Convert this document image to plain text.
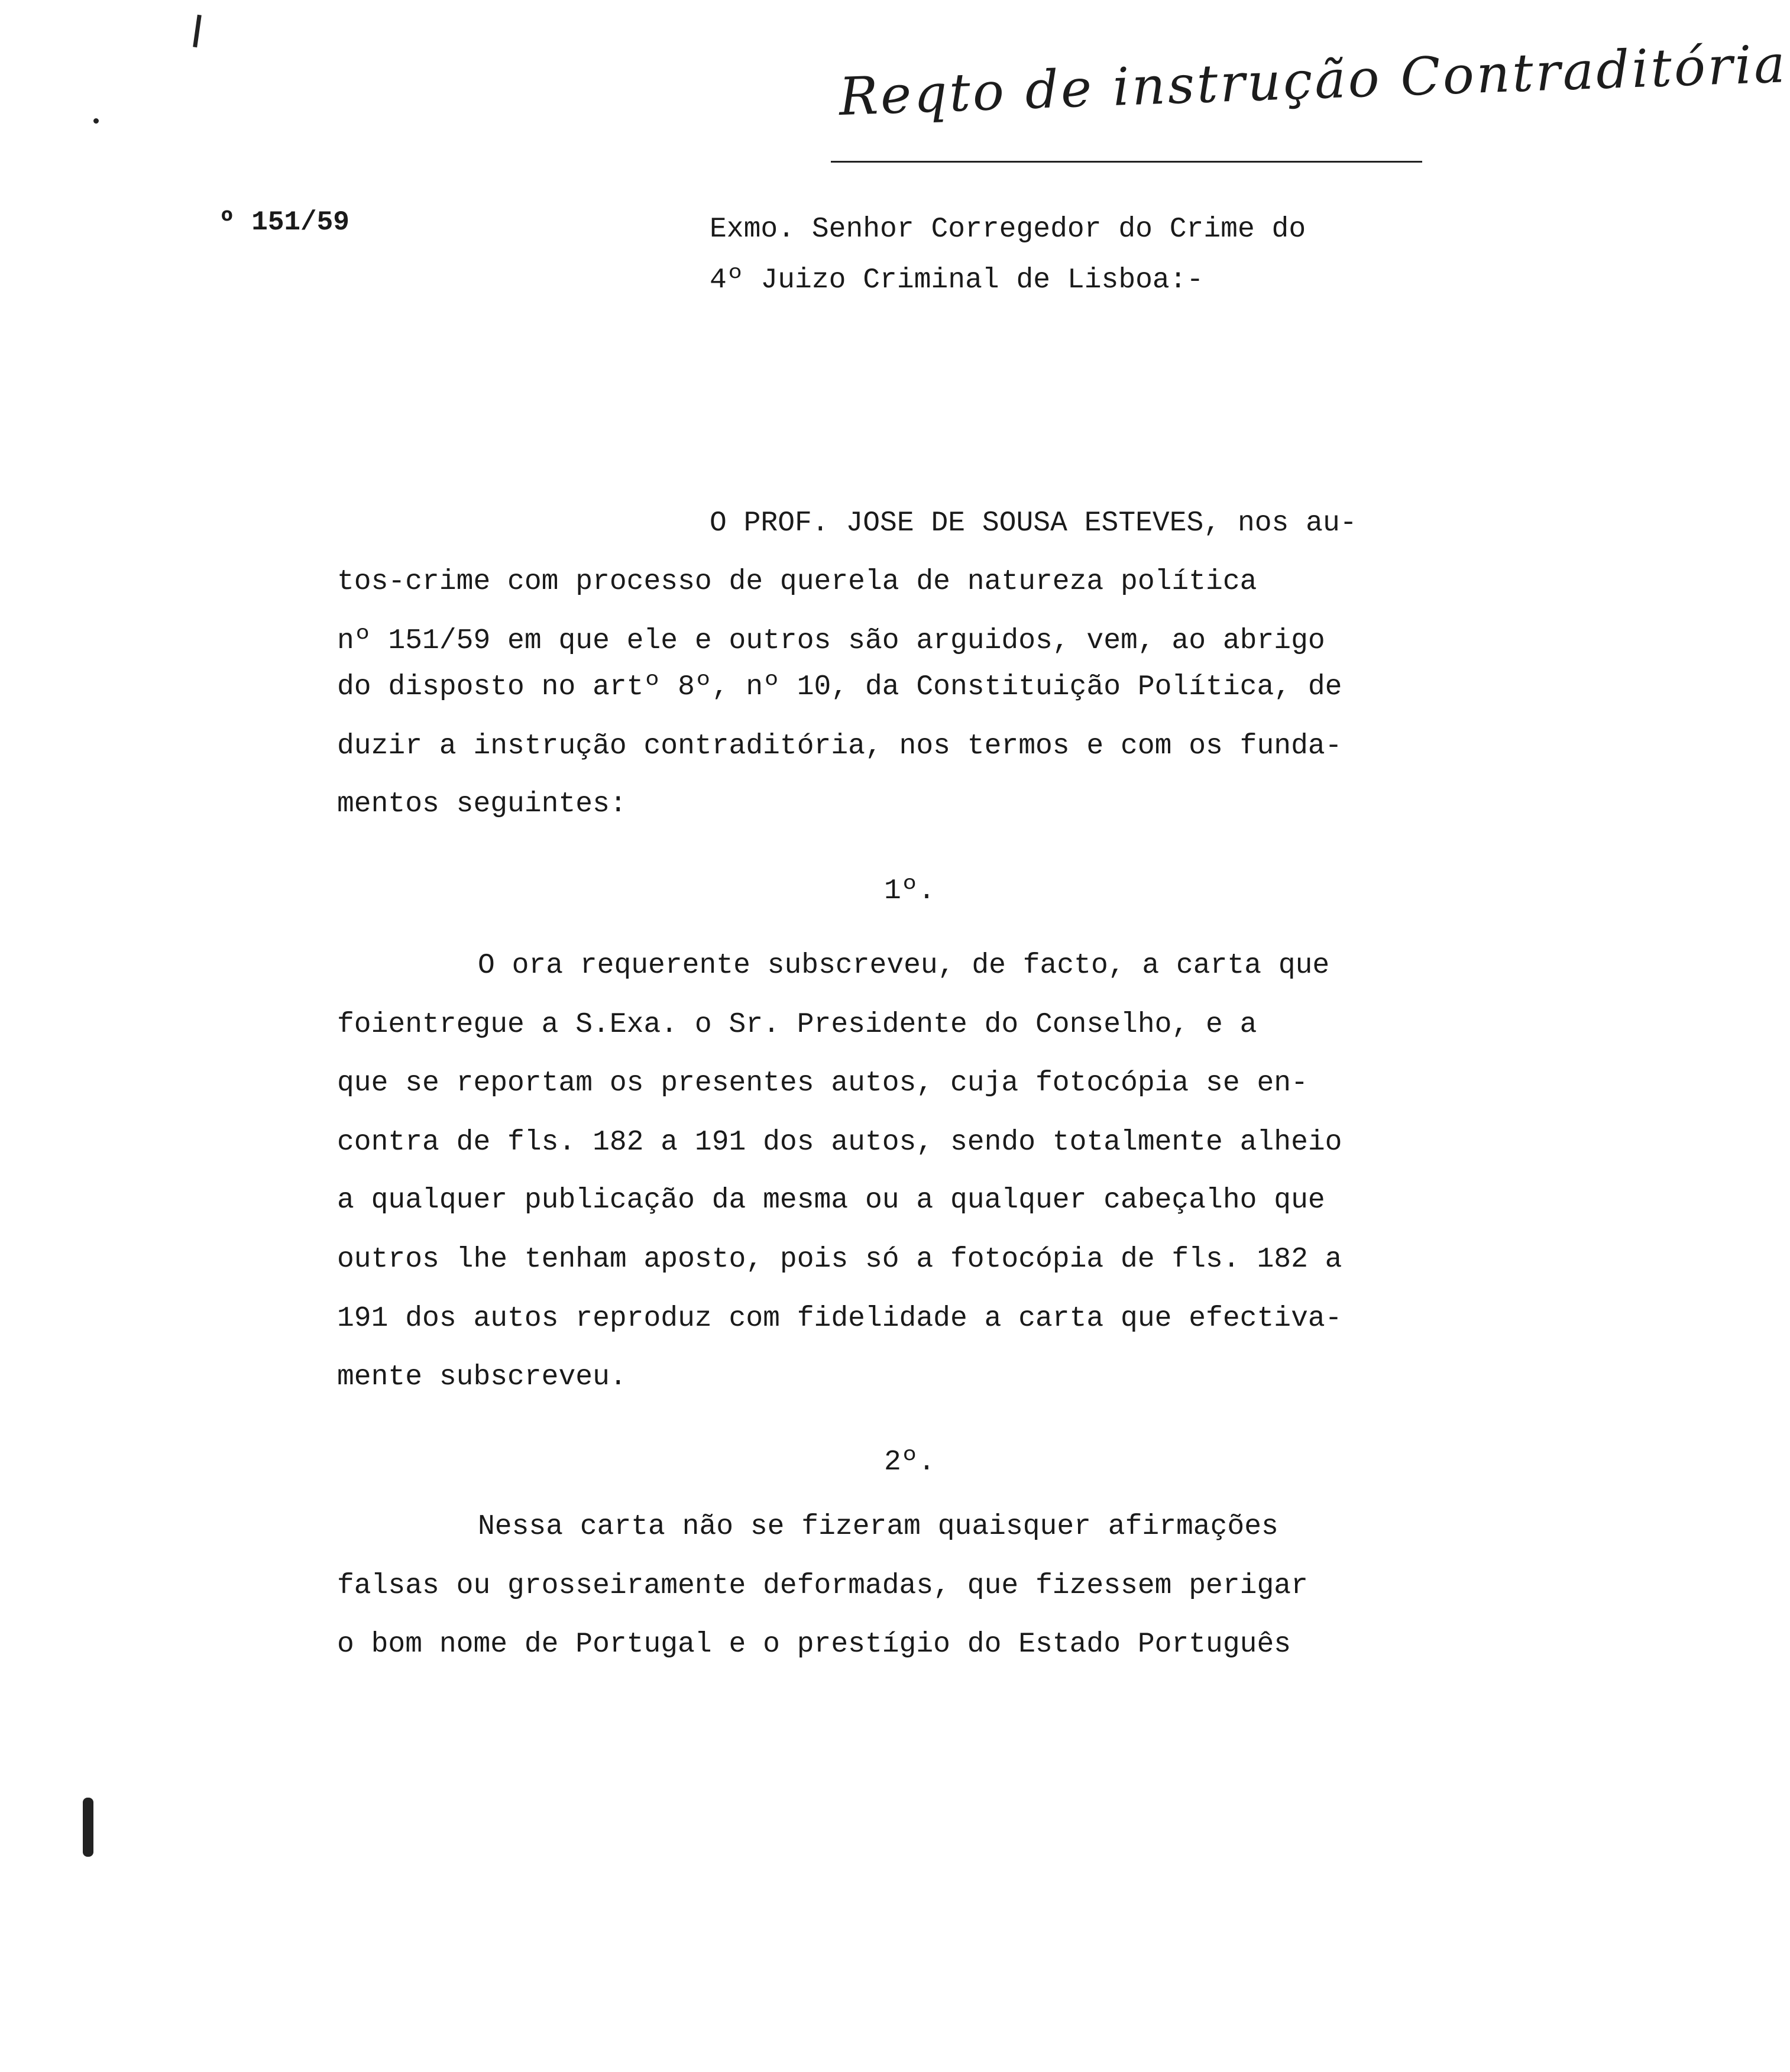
Reqto de instrução Contraditória
º 151/59	Exmo. Senhor Corregedor do Crime do
4º Juizo Criminal de Lisboa:-
O PROF. JOSE DE SOUSA ESTEVES, nos au-
tos-crime com processo de querela de natureza política
nº 151/59 em que ele e outros são arguidos, vem, ao abrigo
do disposto no artº 8º, nº 10, da Constituição Política, de
duzir a instrução contraditória, nos termos e com os funda-
mentos seguintes:
1º.
O ora requerente subscreveu, de facto, a carta que
foientregue a S.Exa. o Sr. Presidente do Conselho, e a
que se reportam os presentes autos, cuja fotocópia se en-
contra de fls. 182 a 191 dos autos, sendo totalmente alheio
a qualquer publicação da mesma ou a qualquer cabeçalho que
outros lhe tenham aposto, pois só a fotocópia de fls. 182 a
191 dos autos reproduz com fidelidade a carta que efectiva-
mente subscreveu.
2º.
Nessa carta não se fizeram quaisquer afirmações
falsas ou grosseiramente deformadas, que fizessem perigar
o bom nome de Portugal e o prestígio do Estado Português
